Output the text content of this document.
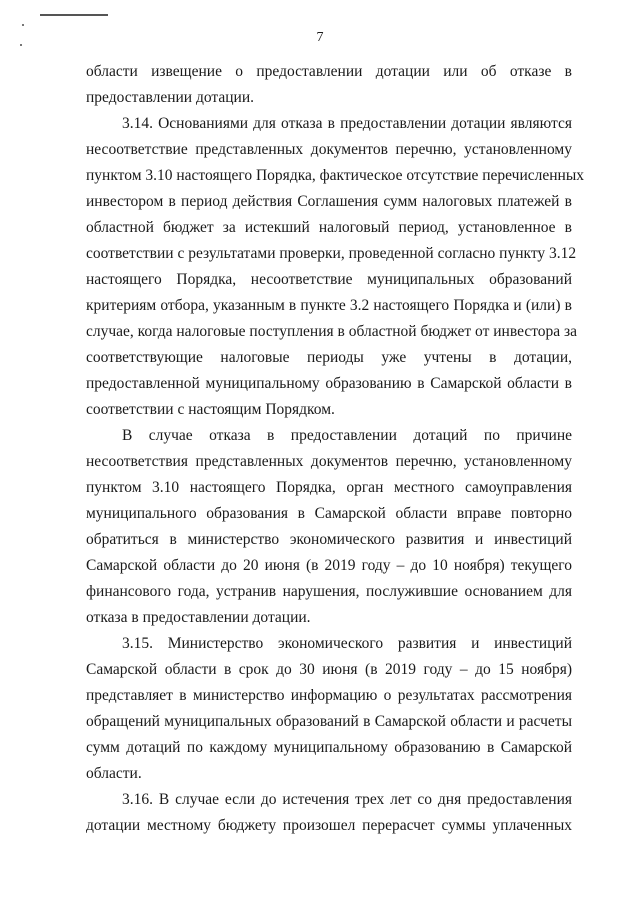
7
области извещение о предоставлении дотации или об отказе в
предоставлении дотации.
3.14. Основаниями для отказа в предоставлении дотации являются
несоответствие представленных документов перечню, установленному
пунктом 3.10 настоящего Порядка, фактическое отсутствие перечисленных
инвестором в период действия Соглашения сумм налоговых платежей в
областной бюджет за истекший налоговый период, установленное в
соответствии с результатами проверки, проведенной согласно пункту 3.12
настоящего Порядка, несоответствие муниципальных образований
критериям отбора, указанным в пункте 3.2 настоящего Порядка и (или) в
случае, когда налоговые поступления в областной бюджет от инвестора за
соответствующие налоговые периоды уже учтены в дотации,
предоставленной муниципальному образованию в Самарской области в
соответствии с настоящим Порядком.
В случае отказа в предоставлении дотаций по причине
несоответствия представленных документов перечню, установленному
пунктом 3.10 настоящего Порядка, орган местного самоуправления
муниципального образования в Самарской области вправе повторно
обратиться в министерство экономического развития и инвестиций
Самарской области до 20 июня (в 2019 году – до 10 ноября) текущего
финансового года, устранив нарушения, послужившие основанием для
отказа в предоставлении дотации.
3.15. Министерство экономического развития и инвестиций
Самарской области в срок до 30 июня (в 2019 году – до 15 ноября)
представляет в министерство информацию о результатах рассмотрения
обращений муниципальных образований в Самарской области и расчеты
сумм дотаций по каждому муниципальному образованию в Самарской
области.
3.16. В случае если до истечения трех лет со дня предоставления
дотации местному бюджету произошел перерасчет суммы уплаченных
